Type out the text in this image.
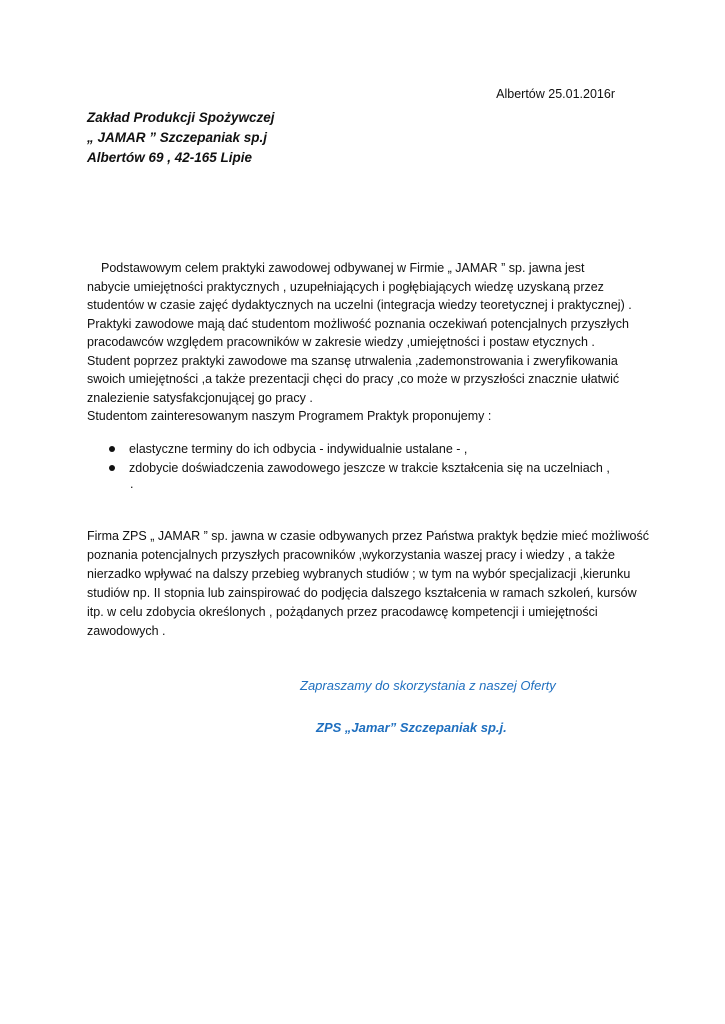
Albertów 25.01.2016r
Zakład Produkcji Spożywczej
„ JAMAR ” Szczepaniak sp.j
Albertów 69 , 42-165 Lipie
Podstawowym celem praktyki zawodowej odbywanej w Firmie „ JAMAR ” sp. jawna jest
nabycie umiejętności praktycznych , uzupełniających i pogłębiających wiedzę uzyskaną przez
studentów w czasie zajęć dydaktycznych na uczelni (integracja wiedzy teoretycznej i praktycznej) .
Praktyki zawodowe mają dać studentom możliwość poznania oczekiwań potencjalnych przyszłych
pracodawców względem pracowników w zakresie wiedzy ,umiejętności i postaw etycznych .
Student poprzez praktyki zawodowe ma szansę utrwalenia ,zademonstrowania i zweryfikowania
swoich umiejętności ,a także prezentacji chęci do pracy ,co może w przyszłości znacznie ułatwić
znalezienie satysfakcjonującej go pracy .
Studentom zainteresowanym naszym Programem Praktyk proponujemy :
elastyczne terminy do ich odbycia - indywidualnie ustalane - ,
zdobycie doświadczenia zawodowego jeszcze w trakcie kształcenia się na uczelniach ,
.
Firma ZPS „ JAMAR ” sp. jawna w czasie odbywanych przez Państwa praktyk będzie mieć możliwość
poznania potencjalnych przyszłych pracowników ,wykorzystania waszej pracy i wiedzy , a także
nierzadko wpływać na dalszy przebieg wybranych studiów ; w tym na wybór specjalizacji ,kierunku
studiów np. II stopnia lub zainspirować do podjęcia dalszego kształcenia w ramach szkoleń, kursów
itp. w celu zdobycia określonych , pożądanych przez pracodawcę kompetencji i umiejętności
zawodowych .
Zapraszamy do skorzystania z naszej Oferty
ZPS „Jamar” Szczepaniak sp.j.
